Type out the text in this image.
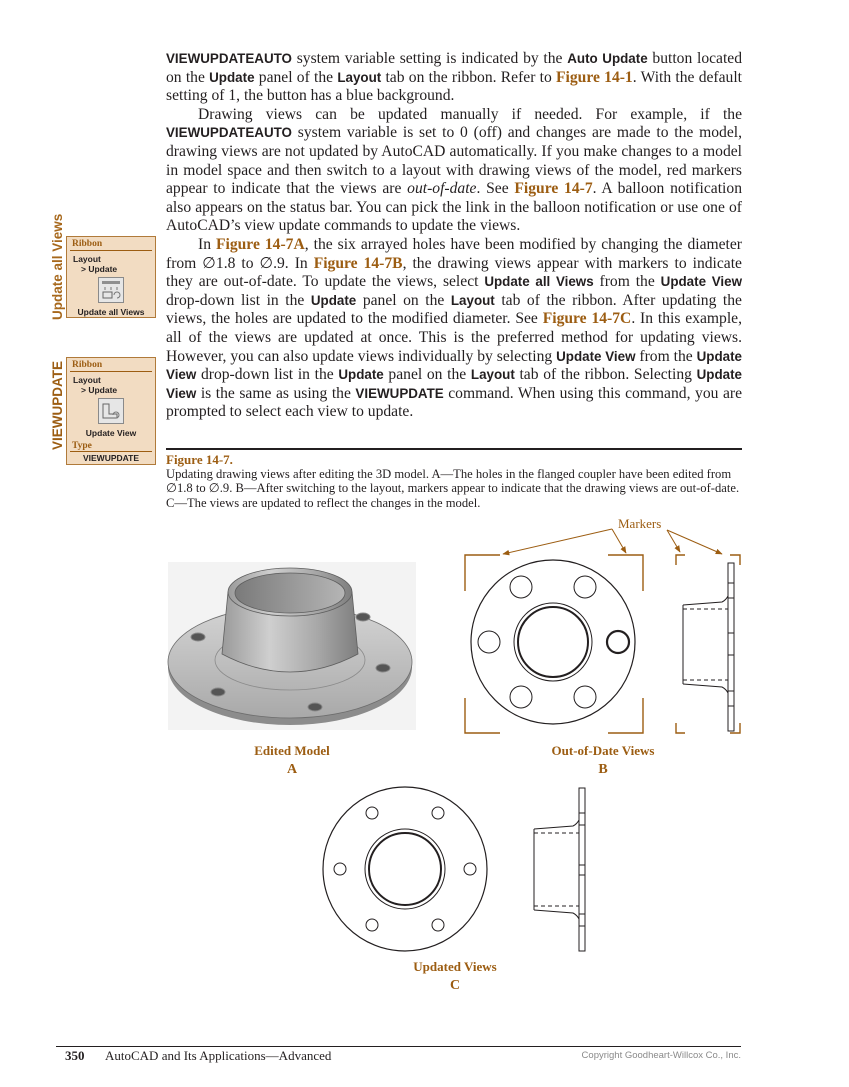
VIEWUPDATEAUTO system variable setting is indicated by the Auto Update button located on the Update panel of the Layout tab on the ribbon. Refer to Figure 14-1. With the default setting of 1, the button has a blue background.

Drawing views can be updated manually if needed. For example, if the VIEWUPDATEAUTO system variable is set to 0 (off) and changes are made to the model, drawing views are not updated by AutoCAD automatically. If you make changes to a model in model space and then switch to a layout with drawing views of the model, red markers appear to indicate that the views are out-of-date. See Figure 14-7. A balloon notification also appears on the status bar. You can pick the link in the balloon notification or use one of AutoCAD’s view update commands to update the views.

In Figure 14-7A, the six arrayed holes have been modified by changing the diameter from ∅1.8 to ∅.9. In Figure 14-7B, the drawing views appear with markers to indicate they are out-of-date. To update the views, select Update all Views from the Update View drop-down list in the Update panel on the Layout tab of the ribbon. After updating the views, the holes are updated to the modified diameter. See Figure 14-7C. In this example, all of the views are updated at once. This is the preferred method for updating views. However, you can also update views individually by selecting Update View from the Update View drop-down list in the Update panel on the Layout tab of the ribbon. Selecting Update View is the same as using the VIEWUPDATE command. When using this command, you are prompted to select each view to update.

Update all Views
VIEWUPDATE
Ribbon
Layout
> Update
Update all Views
Ribbon
Layout
> Update
Update View
Type
VIEWUPDATE	Figure 14-7.
Updating drawing views after editing the 3D model. A—The holes in the flanged coupler have been edited from ∅1.8 to ∅.9. B—After switching to the layout, markers appear to indicate that the drawing views are out-of-date. C—The views are updated to reflect the changes in the model.
Markers
Edited Model
A
Out-of-Date Views
B
Updated Views
C
350 AutoCAD and Its Applications—Advanced	Copyright Goodheart-Willcox Co., Inc.
